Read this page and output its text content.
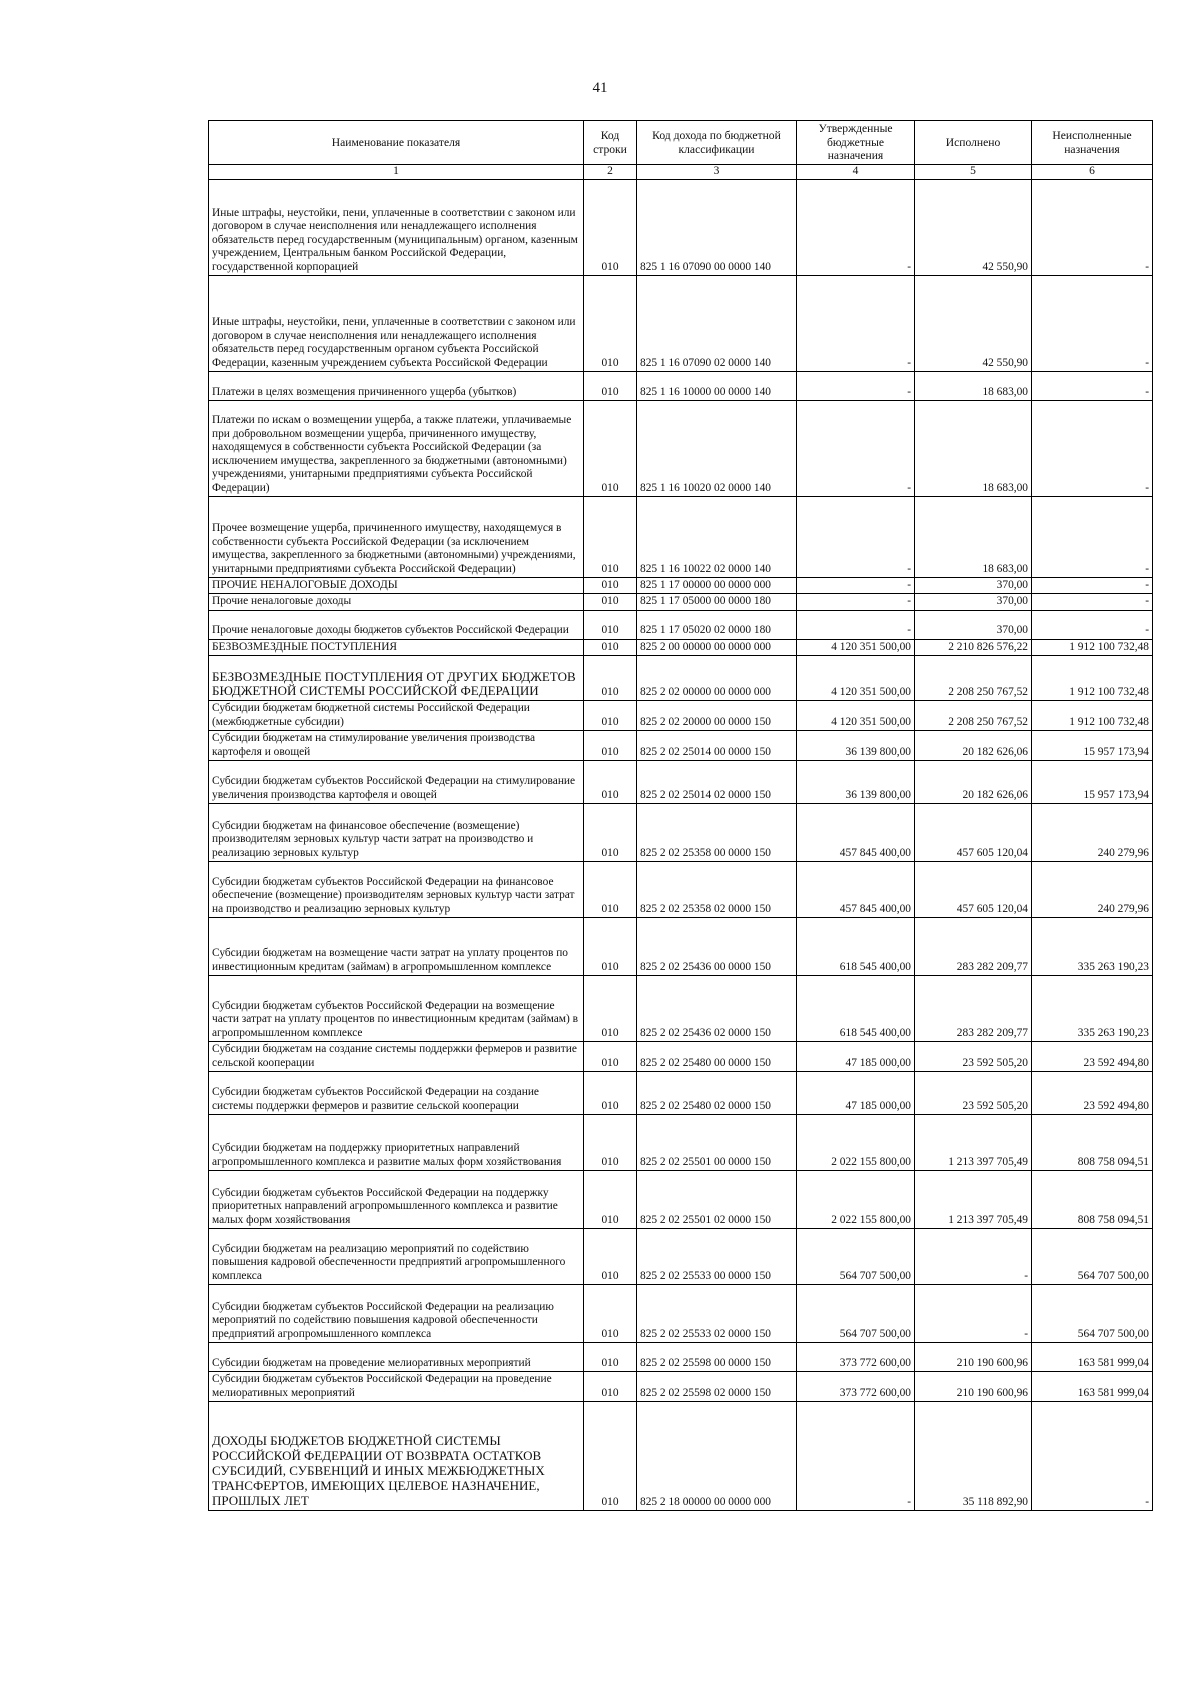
41
Наименование показателя	Код строки	Код дохода по бюджетной классификации	Утвержденные бюджетные назначения	Исполнено	Неисполненные назначения
1	2	3	4	5	6
Иные штрафы, неустойки, пени, уплаченные в соответствии с законом или договором в случае неисполнения или ненадлежащего исполнения обязательств перед государственным (муниципальным) органом, казенным учреждением, Центральным банком Российской Федерации, государственной корпорацией	010	825 1 16 07090 00 0000 140	-	42 550,90	-
Иные штрафы, неустойки, пени, уплаченные в соответствии с законом или договором в случае неисполнения или ненадлежащего исполнения обязательств перед государственным органом субъекта Российской Федерации, казенным учреждением субъекта Российской Федерации	010	825 1 16 07090 02 0000 140	-	42 550,90	-
Платежи в целях возмещения причиненного ущерба (убытков)	010	825 1 16 10000 00 0000 140	-	18 683,00	-
Платежи по искам о возмещении ущерба, а также платежи, уплачиваемые при добровольном возмещении ущерба, причиненного имуществу, находящемуся в собственности субъекта Российской Федерации (за исключением имущества, закрепленного за бюджетными (автономными) учреждениями, унитарными предприятиями субъекта Российской Федерации)	010	825 1 16 10020 02 0000 140	-	18 683,00	-
Прочее возмещение ущерба, причиненного имуществу, находящемуся в собственности субъекта Российской Федерации (за исключением имущества, закрепленного за бюджетными (автономными) учреждениями, унитарными предприятиями субъекта Российской Федерации)	010	825 1 16 10022 02 0000 140	-	18 683,00	-
ПРОЧИЕ НЕНАЛОГОВЫЕ ДОХОДЫ	010	825 1 17 00000 00 0000 000	-	370,00	-
Прочие неналоговые доходы	010	825 1 17 05000 00 0000 180	-	370,00	-
Прочие неналоговые доходы бюджетов субъектов Российской Федерации	010	825 1 17 05020 02 0000 180	-	370,00	-
БЕЗВОЗМЕЗДНЫЕ ПОСТУПЛЕНИЯ	010	825 2 00 00000 00 0000 000	4 120 351 500,00	2 210 826 576,22	1 912 100 732,48
БЕЗВОЗМЕЗДНЫЕ ПОСТУПЛЕНИЯ ОТ ДРУГИХ БЮДЖЕТОВ БЮДЖЕТНОЙ СИСТЕМЫ РОССИЙСКОЙ ФЕДЕРАЦИИ	010	825 2 02 00000 00 0000 000	4 120 351 500,00	2 208 250 767,52	1 912 100 732,48
Субсидии бюджетам бюджетной системы Российской Федерации (межбюджетные субсидии)	010	825 2 02 20000 00 0000 150	4 120 351 500,00	2 208 250 767,52	1 912 100 732,48
Субсидии бюджетам на стимулирование увеличения производства картофеля и овощей	010	825 2 02 25014 00 0000 150	36 139 800,00	20 182 626,06	15 957 173,94
Субсидии бюджетам субъектов Российской Федерации на стимулирование увеличения производства картофеля и овощей	010	825 2 02 25014 02 0000 150	36 139 800,00	20 182 626,06	15 957 173,94
Субсидии бюджетам на финансовое обеспечение (возмещение) производителям зерновых культур части затрат на производство и реализацию зерновых культур	010	825 2 02 25358 00 0000 150	457 845 400,00	457 605 120,04	240 279,96
Субсидии бюджетам субъектов Российской Федерации на финансовое обеспечение (возмещение) производителям зерновых культур части затрат на производство и реализацию зерновых культур	010	825 2 02 25358 02 0000 150	457 845 400,00	457 605 120,04	240 279,96
Субсидии бюджетам на возмещение части затрат на уплату процентов по инвестиционным кредитам (займам) в агропромышленном комплексе	010	825 2 02 25436 00 0000 150	618 545 400,00	283 282 209,77	335 263 190,23
Субсидии бюджетам субъектов Российской Федерации на возмещение части затрат на уплату процентов по инвестиционным кредитам (займам) в агропромышленном комплексе	010	825 2 02 25436 02 0000 150	618 545 400,00	283 282 209,77	335 263 190,23
Субсидии бюджетам на создание системы поддержки фермеров и развитие сельской кооперации	010	825 2 02 25480 00 0000 150	47 185 000,00	23 592 505,20	23 592 494,80
Субсидии бюджетам субъектов Российской Федерации на создание системы поддержки фермеров и развитие сельской кооперации	010	825 2 02 25480 02 0000 150	47 185 000,00	23 592 505,20	23 592 494,80
Субсидии бюджетам на поддержку приоритетных направлений агропромышленного комплекса и развитие малых форм хозяйствования	010	825 2 02 25501 00 0000 150	2 022 155 800,00	1 213 397 705,49	808 758 094,51
Субсидии бюджетам субъектов Российской Федерации на поддержку приоритетных направлений агропромышленного комплекса и развитие малых форм хозяйствования	010	825 2 02 25501 02 0000 150	2 022 155 800,00	1 213 397 705,49	808 758 094,51
Субсидии бюджетам на реализацию мероприятий по содействию повышения кадровой обеспеченности предприятий агропромышленного комплекса	010	825 2 02 25533 00 0000 150	564 707 500,00	-	564 707 500,00
Субсидии бюджетам субъектов Российской Федерации на реализацию мероприятий по содействию повышения кадровой обеспеченности предприятий агропромышленного комплекса	010	825 2 02 25533 02 0000 150	564 707 500,00	-	564 707 500,00
Субсидии бюджетам на проведение мелиоративных мероприятий	010	825 2 02 25598 00 0000 150	373 772 600,00	210 190 600,96	163 581 999,04
Субсидии бюджетам субъектов Российской Федерации на проведение мелиоративных мероприятий	010	825 2 02 25598 02 0000 150	373 772 600,00	210 190 600,96	163 581 999,04
ДОХОДЫ БЮДЖЕТОВ БЮДЖЕТНОЙ СИСТЕМЫ РОССИЙСКОЙ ФЕДЕРАЦИИ ОТ ВОЗВРАТА ОСТАТКОВ СУБСИДИЙ, СУБВЕНЦИЙ И ИНЫХ МЕЖБЮДЖЕТНЫХ ТРАНСФЕРТОВ, ИМЕЮЩИХ ЦЕЛЕВОЕ НАЗНАЧЕНИЕ, ПРОШЛЫХ ЛЕТ	010	825 2 18 00000 00 0000 000	-	35 118 892,90	-
